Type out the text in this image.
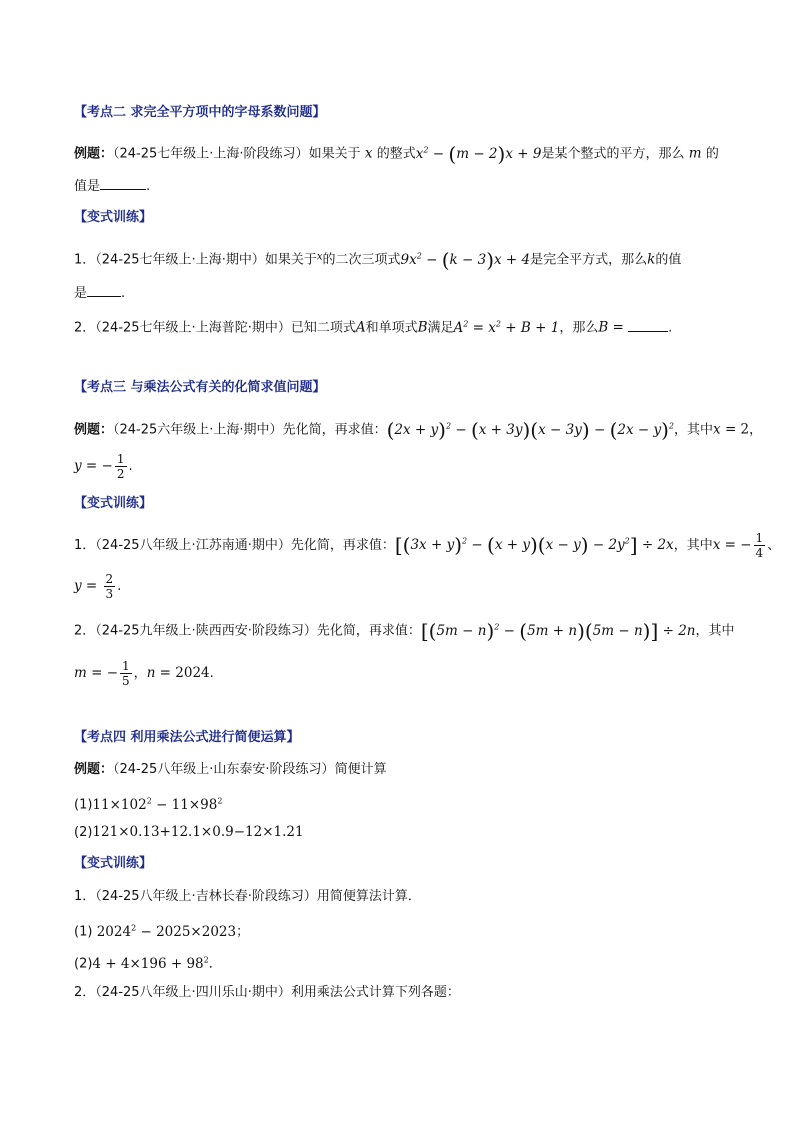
【考点二 求完全平方项中的字母系数问题】
例题：（24-25七年级上·上海·阶段练习）如果关于 x 的整式$x^2 - (m - 2)x + 9$是某个整式的平方，那么 m 的
值是	.
【变式训练】
1．（24-25七年级上·上海·期中）如果关于$^x$的二次三项式$9x^2 - (k - 3)x + 4$是完全平方式，那么k的值
是	.
2．（24-25七年级上·上海普陀·期中）已知二项式A和单项式B满足$A^2 = x^2 + B + 1$，那么B =	.
【考点三 与乘法公式有关的化简求值问题】
例题：（24-25六年级上·上海·期中）先化简，再求值：$(2x + y)^2 - (x + 3y)(x - 3y) - (2x - y)^2$，其中x = 2，
y = − $\frac{1}{2}$ .
【变式训练】
1．（24-25八年级上·江苏南通·期中）先化简，再求值：$[(3x + y)^2 - (x + y)(x - y) - 2y^2] \div 2x$，其中x = − $\frac{1}{4}$ 、
$y = \frac{2}{3}$ .
2．（24-25九年级上·陕西西安·阶段练习）先化简，再求值：$[(5m - n)^2 - (5m + n)(5m - n)] \div 2n$，其中
m = − $\frac{1}{5}$ ，n = 2024.
【考点四 利用乘法公式进行简便运算】
例题：（24-25八年级上·山东泰安·阶段练习）简便计算
$(1)11\times 102^2 - 11\times 98^2$
(2)121×0.13+12.1×0.9−12×1.21
【变式训练】
1．（24-25八年级上·吉林长春·阶段练习）用简便算法计算．
(1) $2024^2 - 2025\times 2023$；
$(2)4 + 4\times 196 + 98^2$．
2．（24-25八年级上·四川乐山·期中）利用乘法公式计算下列各题：
